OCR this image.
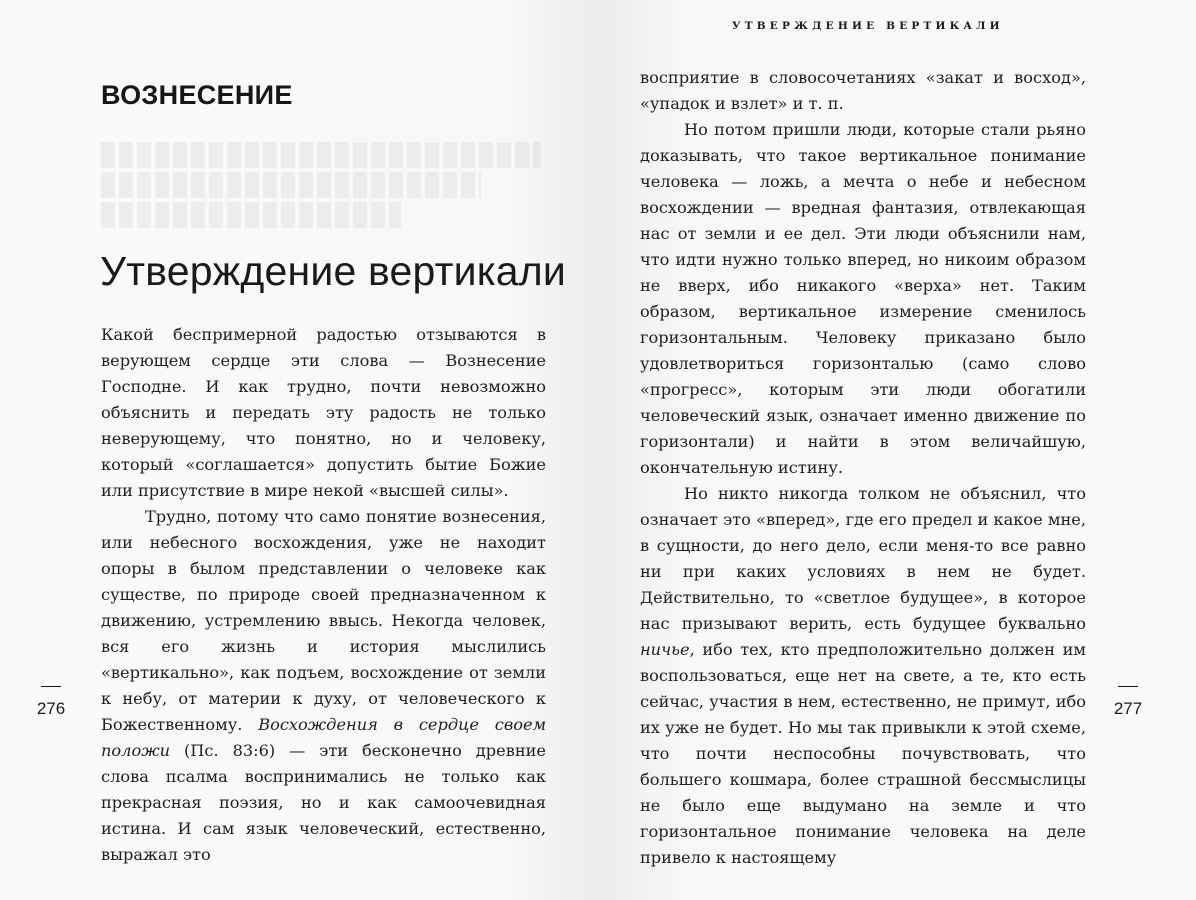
ВОЗНЕСЕНИЕ
Утверждение вертикали

Какой беспримерной радостью отзываются в верующем сердце эти слова — Вознесение Господне. И как трудно, почти невозможно объяснить и передать эту радость не только неверующему, что понятно, но и человеку, который «соглашается» допустить бытие Божие или присутствие в мире некой «высшей силы».

Трудно, потому что само понятие вознесения, или небесного восхождения, уже не находит опоры в былом представлении о человеке как существе, по природе своей предназначенном к движению, устремлению ввысь. Некогда человек, вся его жизнь и история мыслились «вертикально», как подъем, восхождение от земли к небу, от материи к духу, от человеческого к Божественному. Восхождения в сердце своем положи (Пс. 83:6) — эти бесконечно древние слова псалма воспринимались не только как прекрасная поэзия, но и как самоочевидная истина. И сам язык человеческий, естественно, выражал это

276
УТВЕРЖДЕНИЕ ВЕРТИКАЛИ

восприятие в словосочетаниях «закат и восход», «упадок и взлет» и т. п.

Но потом пришли люди, которые стали рьяно доказывать, что такое вертикальное понимание человека — ложь, а мечта о небе и небесном восхождении — вредная фантазия, отвлекающая нас от земли и ее дел. Эти люди объяснили нам, что идти нужно только вперед, но никоим образом не вверх, ибо никакого «верха» нет. Таким образом, вертикальное измерение сменилось горизонтальным. Человеку приказано было удовлетвориться горизонталью (само слово «прогресс», которым эти люди обогатили человеческий язык, означает именно движение по горизонтали) и найти в этом величайшую, окончательную истину.

Но никто никогда толком не объяснил, что означает это «вперед», где его предел и какое мне, в сущности, до него дело, если меня-то все равно ни при каких условиях в нем не будет. Действительно, то «светлое будущее», в которое нас призывают верить, есть будущее буквально ничье, ибо тех, кто предположительно должен им воспользоваться, еще нет на свете, а те, кто есть сейчас, участия в нем, естественно, не примут, ибо их уже не будет. Но мы так привыкли к этой схеме, что почти неспособны почувствовать, что большего кошмара, более страшной бессмыслицы не было еще выдумано на земле и что горизонтальное понимание человека на деле привело к настоящему

277
